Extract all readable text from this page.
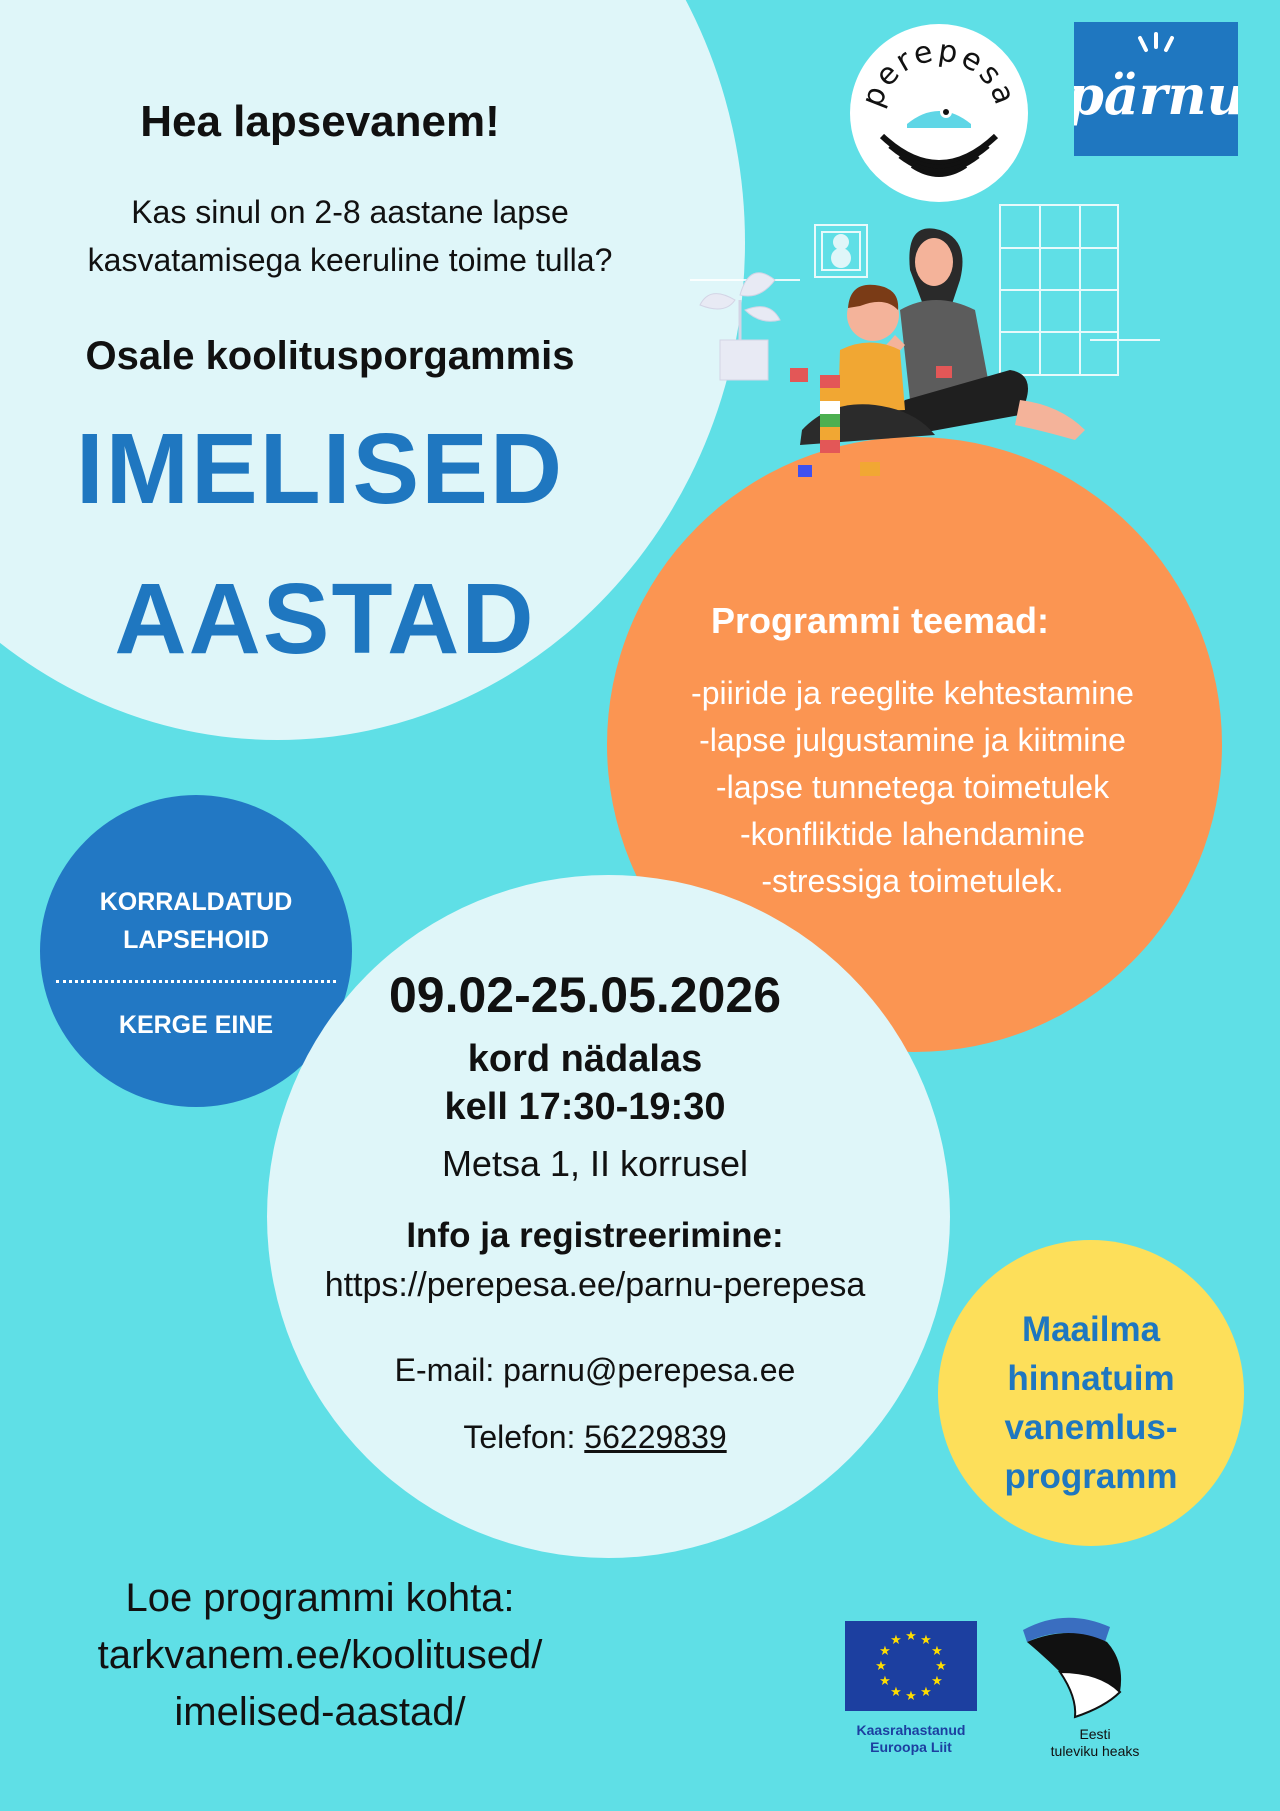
Hea lapsevanem!
Kas sinul on 2-8 aastane lapse
kasvatamisega keeruline toime tulla?
Osale koolitusporgammis
IMELISED
AASTAD
perepesa pärnu
Programmi teemad:
-piiride ja reeglite kehtestamine
-lapse julgustamine ja kiitmine
-lapse tunnetega toimetulek
-konfliktide lahendamine
-stressiga toimetulek.
KORRALDATUD
LAPSEHOID
KERGE EINE
09.02-25.05.2026
kord nädalas
kell 17:30-19:30
Metsa 1, II korrusel
Info ja registreerimine:
https://perepesa.ee/parnu-perepesa
E-mail: parnu@perepesa.ee
Telefon: 56229839
Maailma
hinnatuim
vanemlus-
programm
Loe programmi kohta:
tarkvanem.ee/koolitused/
imelised-aastad/
★ ★
★
★
★
★
★
★
★
★
★
★
Kaasrahastanud
Euroopa Liit
Eesti
tuleviku heaks
